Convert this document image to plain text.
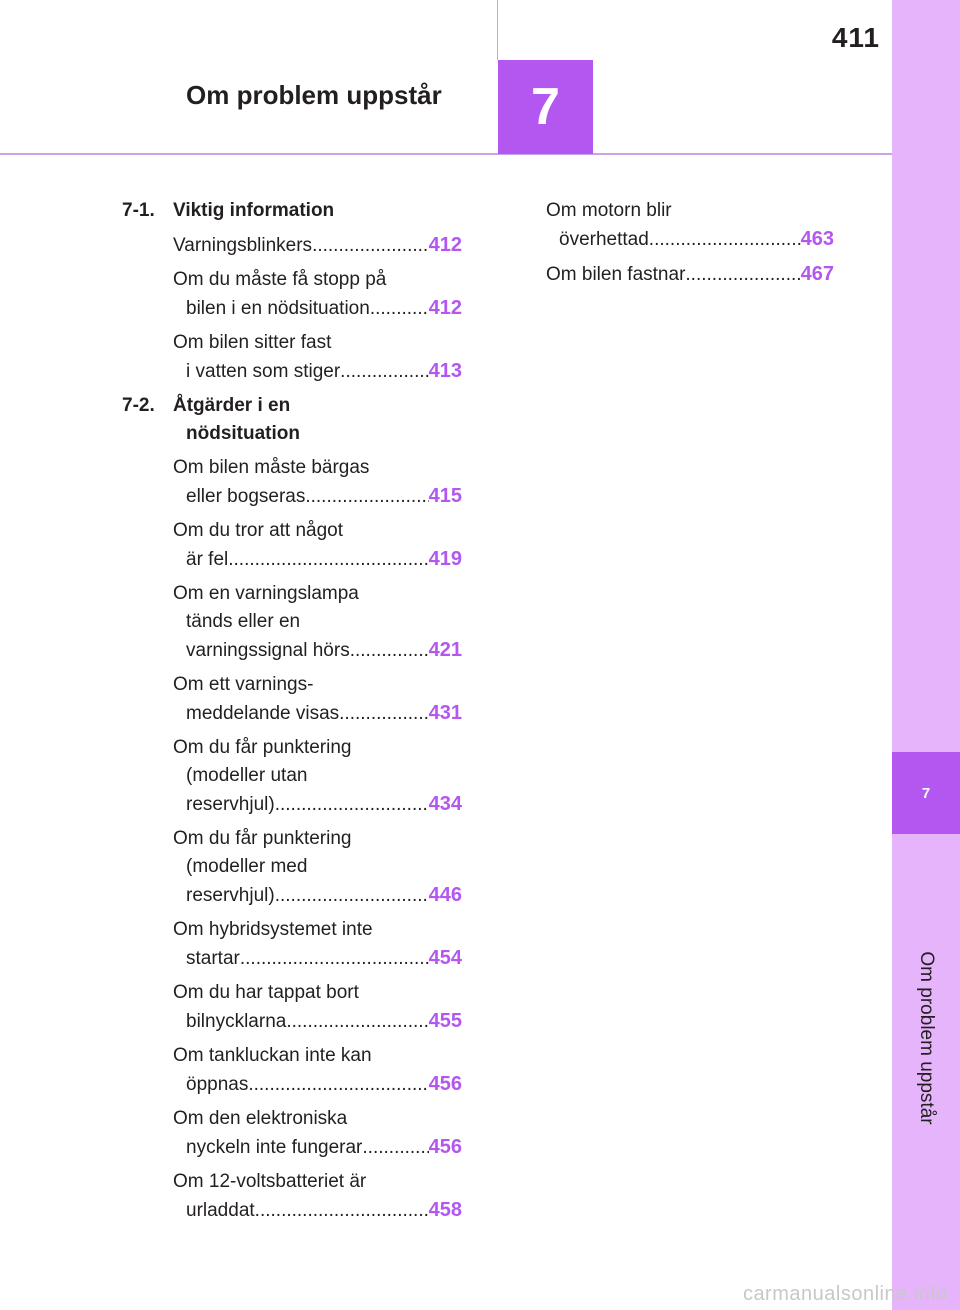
7
Om problem uppstår
411
Om problem uppstår	7
7-1. Viktig information
Varningsblinkers .....	412
Om du måste få stopp på
bilen i en nödsituation .....	412
Om bilen sitter fast
i vatten som stiger .....	413
7-2. Åtgärder i en
nödsituation
Om bilen måste bärgas
eller bogseras .....	415
Om du tror att något
är fel .....	419
Om en varningslampa
tänds eller en
varningssignal hörs .....	421
Om ett varnings-
meddelande visas .....	431
Om du får punktering
(modeller utan
reservhjul) .....	434
Om du får punktering
(modeller med
reservhjul) .....	446
Om hybridsystemet inte
startar .....	454
Om du har tappat bort
bilnycklarna .....	455
Om tankluckan inte kan
öppnas .....	456
Om den elektroniska
nyckeln inte fungerar .....	456
Om 12-voltsbatteriet är
urladdat .....	458
Om motorn blir
överhettad .....	463
Om bilen fastnar .....	467
carmanualsonline.info
